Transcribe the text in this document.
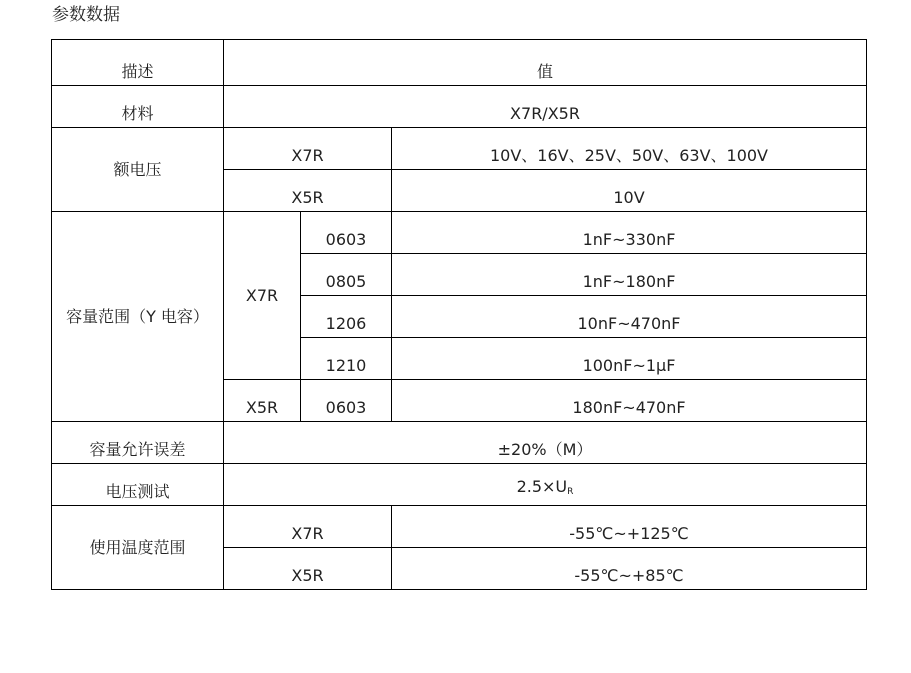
参数数据
描述	值		
材料	X7R/X5R		
额电压	X7R		10V、16V、25V、50V、63V、100V
	X5R		10V
容量范围（Y 电容）	X7R	0603	1nF~330nF
		0805	1nF~180nF
		1206	10nF~470nF
		1210	100nF~1μF
	X5R	0603	180nF~470nF
容量允许误差	±20%（M）		
电压测试	$2.5\times U_R$
使用温度范围	X7R		-55℃~+125℃
	X5R		-55℃~+85℃
